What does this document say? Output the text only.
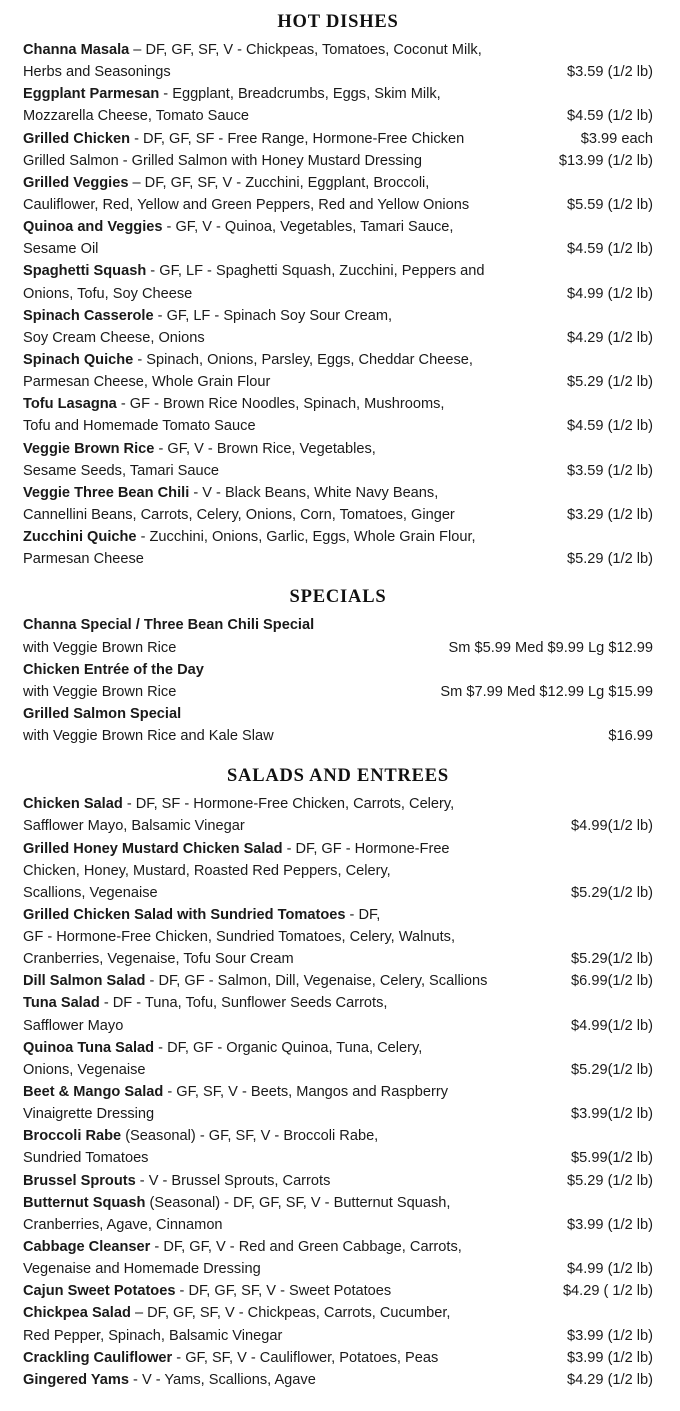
HOT DISHES
Channa Masala – DF, GF, SF, V - Chickpeas, Tomatoes, Coconut Milk,
Herbs and Seasonings	$3.59 (1/2 lb)
Eggplant Parmesan - Eggplant, Breadcrumbs, Eggs, Skim Milk,
Mozzarella Cheese, Tomato Sauce	$4.59 (1/2 lb)
Grilled Chicken - DF, GF, SF - Free Range, Hormone-Free Chicken	$3.99 each
Grilled Salmon - Grilled Salmon with Honey Mustard Dressing	$13.99 (1/2 lb)
Grilled Veggies – DF, GF, SF, V - Zucchini, Eggplant, Broccoli,
Cauliflower, Red, Yellow and Green Peppers, Red and Yellow Onions	$5.59 (1/2 lb)
Quinoa and Veggies - GF, V - Quinoa, Vegetables, Tamari Sauce,
Sesame Oil	$4.59 (1/2 lb)
Spaghetti Squash - GF, LF - Spaghetti Squash, Zucchini, Peppers and
Onions, Tofu, Soy Cheese	$4.99 (1/2 lb)
Spinach Casserole - GF, LF - Spinach Soy Sour Cream,
Soy Cream Cheese, Onions	$4.29 (1/2 lb)
Spinach Quiche - Spinach, Onions, Parsley, Eggs, Cheddar Cheese,
Parmesan Cheese, Whole Grain Flour	$5.29 (1/2 lb)
Tofu Lasagna - GF - Brown Rice Noodles, Spinach, Mushrooms,
Tofu and Homemade Tomato Sauce	$4.59 (1/2 lb)
Veggie Brown Rice - GF, V - Brown Rice, Vegetables,
Sesame Seeds, Tamari Sauce	$3.59 (1/2 lb)
Veggie Three Bean Chili - V - Black Beans, White Navy Beans,
Cannellini Beans, Carrots, Celery, Onions, Corn, Tomatoes, Ginger	$3.29 (1/2 lb)
Zucchini Quiche - Zucchini, Onions, Garlic, Eggs, Whole Grain Flour,
Parmesan Cheese	$5.29 (1/2 lb)
SPECIALS
Channa Special / Three Bean Chili Special
with Veggie Brown Rice	Sm $5.99 Med $9.99 Lg $12.99
Chicken Entrée of the Day
with Veggie Brown Rice	Sm $7.99 Med $12.99 Lg $15.99
Grilled Salmon Special
with Veggie Brown Rice and Kale Slaw	$16.99
SALADS AND ENTREES
Chicken Salad - DF, SF - Hormone-Free Chicken, Carrots, Celery,
Safflower Mayo, Balsamic Vinegar	$4.99(1/2 lb)
Grilled Honey Mustard Chicken Salad - DF, GF - Hormone-Free
Chicken, Honey, Mustard, Roasted Red Peppers, Celery,
Scallions, Vegenaise	$5.29(1/2 lb)
Grilled Chicken Salad with Sundried Tomatoes - DF,
GF - Hormone-Free Chicken, Sundried Tomatoes, Celery, Walnuts,
Cranberries, Vegenaise, Tofu Sour Cream	$5.29(1/2 lb)
Dill Salmon Salad - DF, GF - Salmon, Dill, Vegenaise, Celery, Scallions	$6.99(1/2 lb)
Tuna Salad - DF - Tuna, Tofu, Sunflower Seeds Carrots,
Safflower Mayo	$4.99(1/2 lb)
Quinoa Tuna Salad - DF, GF - Organic Quinoa, Tuna, Celery,
Onions, Vegenaise	$5.29(1/2 lb)
Beet & Mango Salad - GF, SF, V - Beets, Mangos and Raspberry
Vinaigrette Dressing	$3.99(1/2 lb)
Broccoli Rabe (Seasonal) - GF, SF, V - Broccoli Rabe,
Sundried Tomatoes	$5.99(1/2 lb)
Brussel Sprouts - V - Brussel Sprouts, Carrots	$5.29 (1/2 lb)
Butternut Squash (Seasonal) - DF, GF, SF, V - Butternut Squash,
Cranberries, Agave, Cinnamon	$3.99 (1/2 lb)
Cabbage Cleanser - DF, GF, V - Red and Green Cabbage, Carrots,
Vegenaise and Homemade Dressing	$4.99 (1/2 lb)
Cajun Sweet Potatoes - DF, GF, SF, V - Sweet Potatoes	$4.29 ( 1/2 lb)
Chickpea Salad – DF, GF, SF, V - Chickpeas, Carrots, Cucumber,
Red Pepper, Spinach, Balsamic Vinegar	$3.99 (1/2 lb)
Crackling Cauliflower - GF, SF, V - Cauliflower, Potatoes, Peas	$3.99 (1/2 lb)
Gingered Yams - V - Yams, Scallions, Agave	$4.29 (1/2 lb)
